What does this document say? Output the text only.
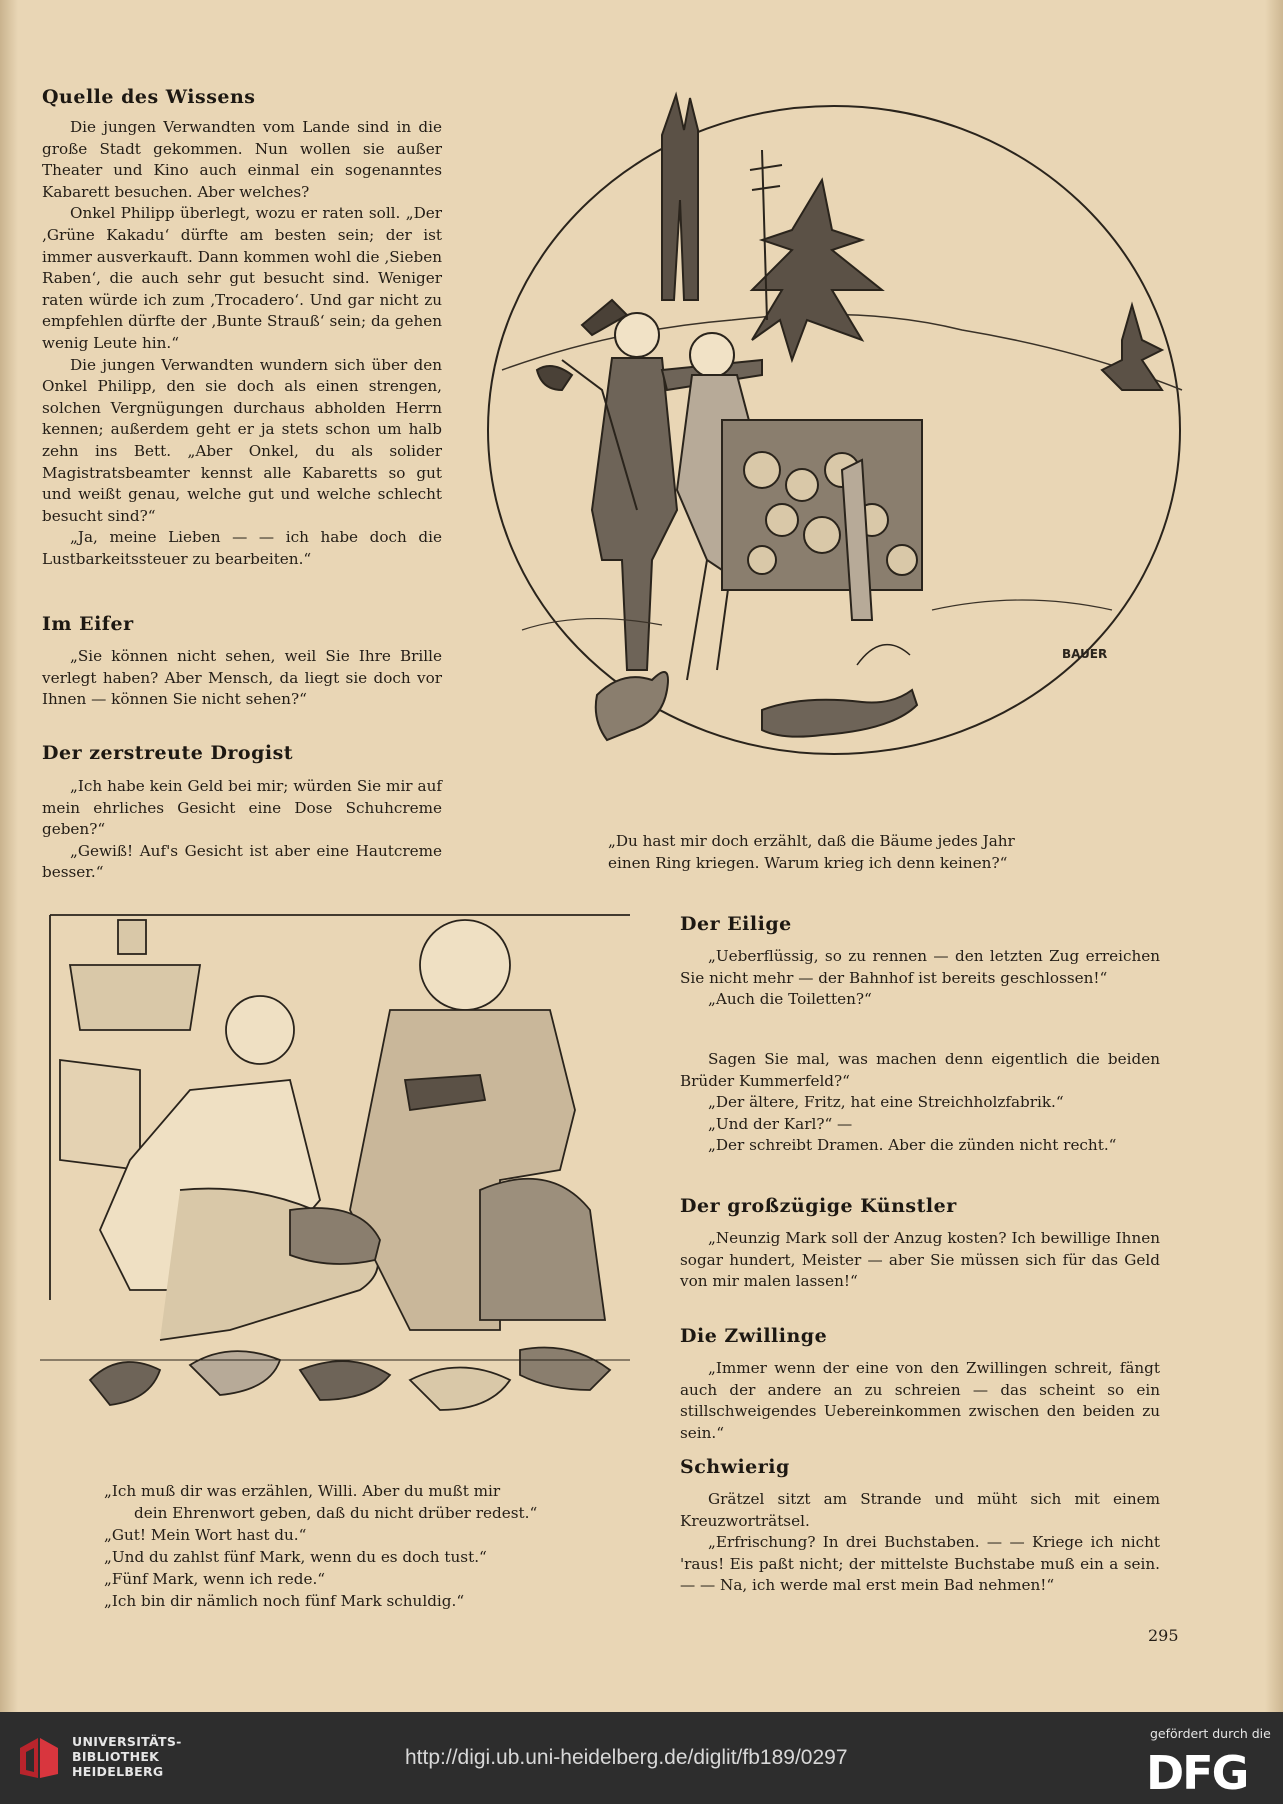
Quelle des Wissens

Die jungen Verwandten vom Lande sind in die große Stadt gekommen. Nun wollen sie außer Theater und Kino auch einmal ein sogenanntes Kabarett besuchen. Aber welches?

Onkel Philipp überlegt, wozu er raten soll. „Der ‚Grüne Kakadu‘ dürfte am besten sein; der ist immer ausverkauft. Dann kommen wohl die ‚Sieben Raben‘, die auch sehr gut besucht sind. Weniger raten würde ich zum ‚Trocadero‘. Und gar nicht zu empfehlen dürfte der ‚Bunte Strauß‘ sein; da gehen wenig Leute hin.“

Die jungen Verwandten wundern sich über den Onkel Philipp, den sie doch als einen strengen, solchen Vergnügungen durchaus abholden Herrn kennen; außerdem geht er ja stets schon um halb zehn ins Bett. „Aber Onkel, du als solider Magistratsbeamter kennst alle Kabaretts so gut und weißt genau, welche gut und welche schlecht besucht sind?“

„Ja, meine Lieben — — ich habe doch die Lustbarkeitssteuer zu bearbeiten.“

Im Eifer

„Sie können nicht sehen, weil Sie Ihre Brille verlegt haben? Aber Mensch, da liegt sie doch vor Ihnen — können Sie nicht sehen?“

Der zerstreute Drogist

„Ich habe kein Geld bei mir; würden Sie mir auf mein ehrliches Gesicht eine Dose Schuhcreme geben?“

„Gewiß! Auf's Gesicht ist aber eine Hautcreme besser.“

BAUER
„Du hast mir doch erzählt, daß die Bäume jedes Jahr
einen Ring kriegen. Warum krieg ich denn keinen?“
„Ich muß dir was erzählen, Willi. Aber du mußt mir
dein Ehrenwort geben, daß du nicht drüber redest.“
„Gut! Mein Wort hast du.“
„Und du zahlst fünf Mark, wenn du es doch tust.“
„Fünf Mark, wenn ich rede.“
„Ich bin dir nämlich noch fünf Mark schuldig.“
Der Eilige

„Ueberflüssig, so zu rennen — den letzten Zug erreichen Sie nicht mehr — der Bahnhof ist bereits geschlossen!“

„Auch die Toiletten?“

Sagen Sie mal, was machen denn eigentlich die beiden Brüder Kummerfeld?“

„Der ältere, Fritz, hat eine Streichholzfabrik.“

„Und der Karl?“ —

„Der schreibt Dramen. Aber die zünden nicht recht.“

Der großzügige Künstler

„Neunzig Mark soll der Anzug kosten? Ich bewillige Ihnen sogar hundert, Meister — aber Sie müssen sich für das Geld von mir malen lassen!“

Die Zwillinge

„Immer wenn der eine von den Zwillingen schreit, fängt auch der andere an zu schreien — das scheint so ein stillschweigendes Uebereinkommen zwischen den beiden zu sein.“

Schwierig

Grätzel sitzt am Strande und müht sich mit einem Kreuzworträtsel.

„Erfrischung? In drei Buchstaben. — — Kriege ich nicht 'raus! Eis paßt nicht; der mittelste Buchstabe muß ein a sein. — — Na, ich werde mal erst mein Bad nehmen!“

295
UNIVERSITÄTS-
BIBLIOTHEK
HEIDELBERG
http://digi.ub.uni-heidelberg.de/diglit/fb189/0297
gefördert durch die
DFG
